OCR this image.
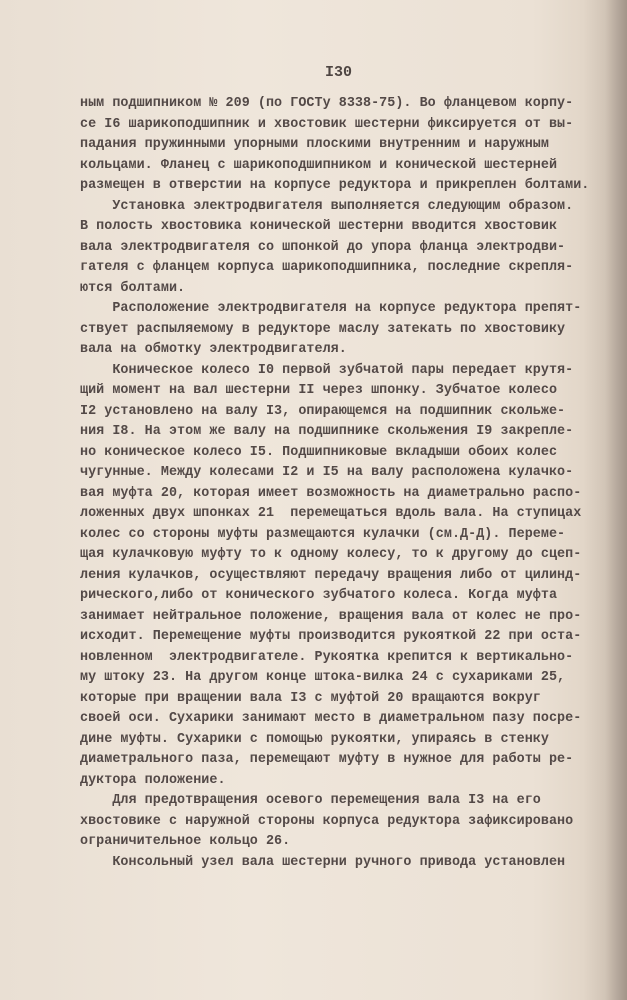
I30
ным подшипником № 209 (по ГОСТу 8338-75). Во фланцевом корпу-
се I6 шарикоподшипник и хвостовик шестерни фиксируется от вы-
падания пружинными упорными плоскими внутренним и наружным
кольцами. Фланец с шарикоподшипником и конической шестерней
размещен в отверстии на корпусе редуктора и прикреплен болтами.
Установка электродвигателя выполняется следующим образом.
В полость хвостовика конической шестерни вводится хвостовик
вала электродвигателя со шпонкой до упора фланца электродви-
гателя с фланцем корпуса шарикоподшипника, последние скрепля-
ются болтами.
Расположение электродвигателя на корпусе редуктора препят-
ствует распыляемому в редукторе маслу затекать по хвостовику
вала на обмотку электродвигателя.
Коническое колесо I0 первой зубчатой пары передает крутя-
щий момент на вал шестерни II через шпонку. Зубчатое колесо
I2 установлено на валу I3, опирающемся на подшипник скольже-
ния I8. На этом же валу на подшипнике скольжения I9 закрепле-
но коническое колесо I5. Подшипниковые вкладыши обоих колес
чугунные. Между колесами I2 и I5 на валу расположена кулачко-
вая муфта 20, которая имеет возможность на диаметрально распо-
ложенных двух шпонках 21  перемещаться вдоль вала. На ступицах
колес со стороны муфты размещаются кулачки (см.Д-Д). Переме-
щая кулачковую муфту то к одному колесу, то к другому до сцеп-
ления кулачков, осуществляют передачу вращения либо от цилинд-
рического,либо от конического зубчатого колеса. Когда муфта
занимает нейтральное положение, вращения вала от колес не про-
исходит. Перемещение муфты производится рукояткой 22 при оста-
новленном  электродвигателе. Рукоятка крепится к вертикально-
му штоку 23. На другом конце штока-вилка 24 с сухариками 25,
которые при вращении вала I3 с муфтой 20 вращаются вокруг
своей оси. Сухарики занимают место в диаметральном пазу посре-
дине муфты. Сухарики с помощью рукоятки, упираясь в стенку
диаметрального паза, перемещают муфту в нужное для работы ре-
дуктора положение.
Для предотвращения осевого перемещения вала I3 на его
хвостовике с наружной стороны корпуса редуктора зафиксировано
ограничительное кольцо 26.
Консольный узел вала шестерни ручного привода установлен
